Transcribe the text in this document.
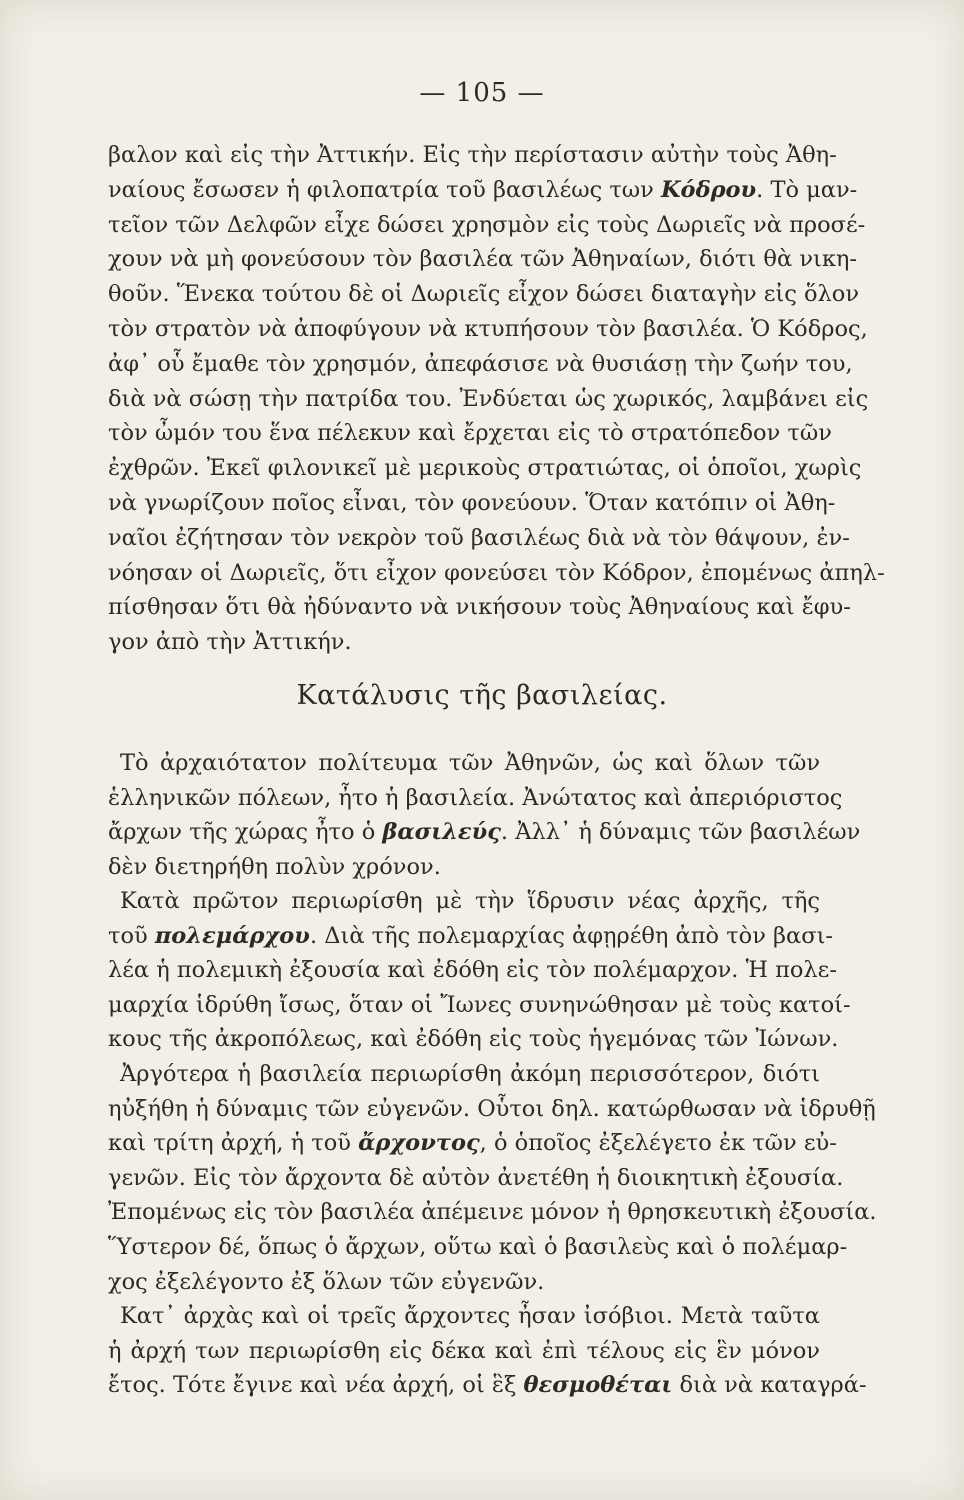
— 105 —
βαλον καὶ εἰς τὴν Ἀττικήν. Εἰς τὴν περίστασιν αὐτὴν τοὺς Ἀθη-
ναίους ἔσωσεν ἡ φιλοπατρία τοῦ βασιλέως των Κόδρου. Τὸ μαν-
τεῖον τῶν Δελφῶν εἶχε δώσει χρησμὸν εἰς τοὺς Δωριεῖς νὰ προσέ-
χουν νὰ μὴ φονεύσουν τὸν βασιλέα τῶν Ἀθηναίων, διότι θὰ νικη-
θοῦν. Ἕνεκα τούτου δὲ οἱ Δωριεῖς εἶχον δώσει διαταγὴν εἰς ὅλον
τὸν στρατὸν νὰ ἀποφύγουν νὰ κτυπήσουν τὸν βασιλέα. Ὁ Κόδρος,
ἀφ᾽ οὗ ἔμαθε τὸν χρησμόν, ἀπεφάσισε νὰ θυσιάσῃ τὴν ζωήν του,
διὰ νὰ σώσῃ τὴν πατρίδα του. Ἐνδύεται ὡς χωρικός, λαμβάνει εἰς
τὸν ὦμόν του ἕνα πέλεκυν καὶ ἔρχεται εἰς τὸ στρατόπεδον τῶν
ἐχθρῶν. Ἐκεῖ φιλονικεῖ μὲ μερικοὺς στρατιώτας, οἱ ὁποῖοι, χωρὶς
νὰ γνωρίζουν ποῖος εἶναι, τὸν φονεύουν. Ὅταν κατόπιν οἱ Ἀθη-
ναῖοι ἐζήτησαν τὸν νεκρὸν τοῦ βασιλέως διὰ νὰ τὸν θάψουν, ἐν-
νόησαν οἱ Δωριεῖς, ὅτι εἶχον φονεύσει τὸν Κόδρον, ἐπομένως ἀπηλ-
πίσθησαν ὅτι θὰ ἠδύναντο νὰ νικήσουν τοὺς Ἀθηναίους καὶ ἔφυ-
γον ἀπὸ τὴν Ἀττικήν.
Κατάλυσις τῆς βασιλείας.
Τὸ ἀρχαιότατον πολίτευμα τῶν Ἀθηνῶν, ὡς καὶ ὅλων τῶν
ἑλληνικῶν πόλεων, ἦτο ἡ βασιλεία. Ἀνώτατος καὶ ἀπεριόριστος
ἄρχων τῆς χώρας ἦτο ὁ βασιλεύς. Ἀλλ᾽ ἡ δύναμις τῶν βασιλέων
δὲν διετηρήθη πολὺν χρόνον.
Κατὰ πρῶτον περιωρίσθη μὲ τὴν ἵδρυσιν νέας ἀρχῆς, τῆς
τοῦ πολεμάρχου. Διὰ τῆς πολεμαρχίας ἀφῃρέθη ἀπὸ τὸν βασι-
λέα ἡ πολεμικὴ ἐξουσία καὶ ἐδόθη εἰς τὸν πολέμαρχον. Ἡ πολε-
μαρχία ἱδρύθη ἴσως, ὅταν οἱ Ἴωνες συνηνώθησαν μὲ τοὺς κατοί-
κους τῆς ἀκροπόλεως, καὶ ἐδόθη εἰς τοὺς ἡγεμόνας τῶν Ἰώνων.
Ἀργότερα ἡ βασιλεία περιωρίσθη ἀκόμη περισσότερον, διότι
ηὐξήθη ἡ δύναμις τῶν εὐγενῶν. Οὗτοι δηλ. κατώρθωσαν νὰ ἱδρυθῇ
καὶ τρίτη ἀρχή, ἡ τοῦ ἄρχοντος, ὁ ὁποῖος ἐξελέγετο ἐκ τῶν εὐ-
γενῶν. Εἰς τὸν ἄρχοντα δὲ αὐτὸν ἀνετέθη ἡ διοικητικὴ ἐξουσία.
Ἐπομένως εἰς τὸν βασιλέα ἀπέμεινε μόνον ἡ θρησκευτικὴ ἐξουσία.
Ὕστερον δέ, ὅπως ὁ ἄρχων, οὕτω καὶ ὁ βασιλεὺς καὶ ὁ πολέμαρ-
χος ἐξελέγοντο ἐξ ὅλων τῶν εὐγενῶν.
Κατ᾽ ἀρχὰς καὶ οἱ τρεῖς ἄρχοντες ἦσαν ἰσόβιοι. Μετὰ ταῦτα
ἡ ἀρχή των περιωρίσθη εἰς δέκα καὶ ἐπὶ τέλους εἰς ἓν μόνον
ἔτος. Τότε ἔγινε καὶ νέα ἀρχή, οἱ ἓξ θεσμοθέται διὰ νὰ καταγρά-
